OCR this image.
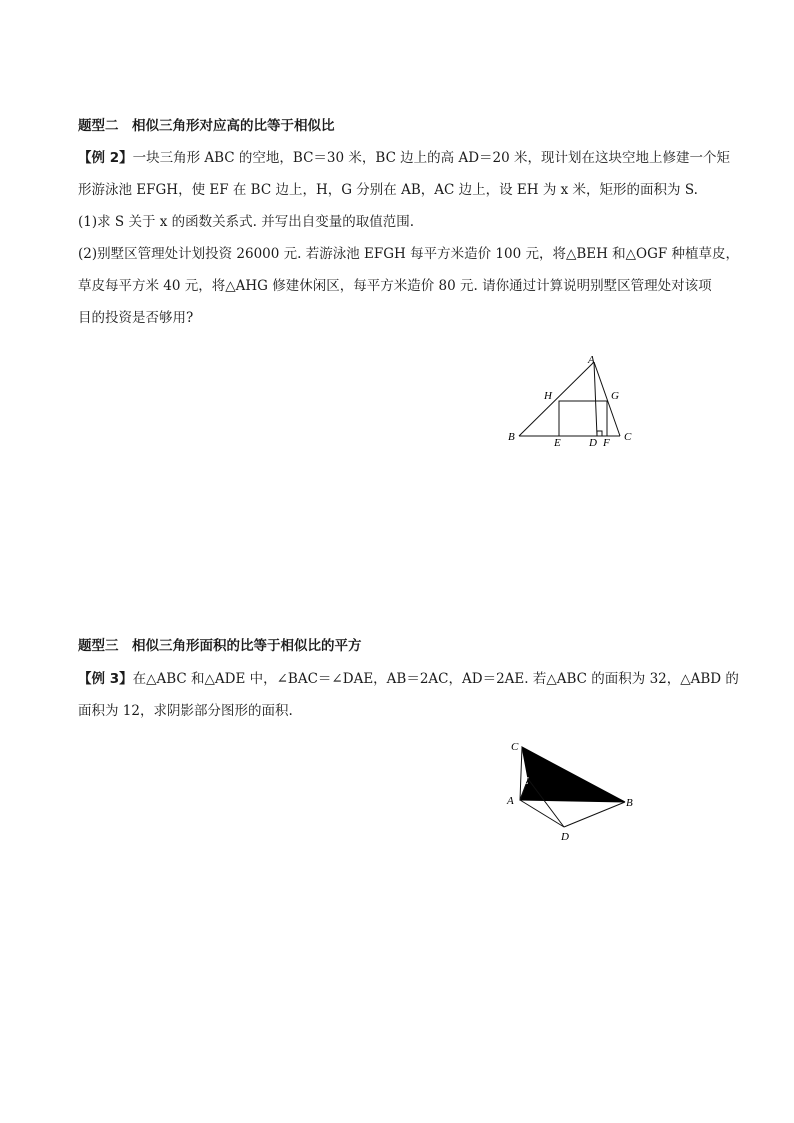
题型二　相似三角形对应高的比等于相似比
【例 2】一块三角形 ABC 的空地，BC＝30 米，BC 边上的高 AD＝20 米，现计划在这块空地上修建一个矩
形游泳池 EFGH，使 EF 在 BC 边上，H，G 分别在 AB，AC 边上，设 EH 为 x 米，矩形的面积为 S.
(1)求 S 关于 x 的函数关系式. 并写出自变量的取值范围.
(2)别墅区管理处计划投资 26000 元. 若游泳池 EFGH 每平方米造价 100 元，将△BEH 和△OGF 种植草皮，
草皮每平方米 40 元，将△AHG 修建休闲区，每平方米造价 80 元. 请你通过计算说明别墅区管理处对该项
目的投资是否够用?
A
H	G
B	E	D F C
题型三　相似三角形面积的比等于相似比的平方
【例 3】在△ABC 和△ADE 中，∠BAC＝∠DAE，AB＝2AC，AD＝2AE. 若△ABC 的面积为 32，△ABD 的
面积为 12，求阴影部分图形的面积.
C
E
A	B
D
